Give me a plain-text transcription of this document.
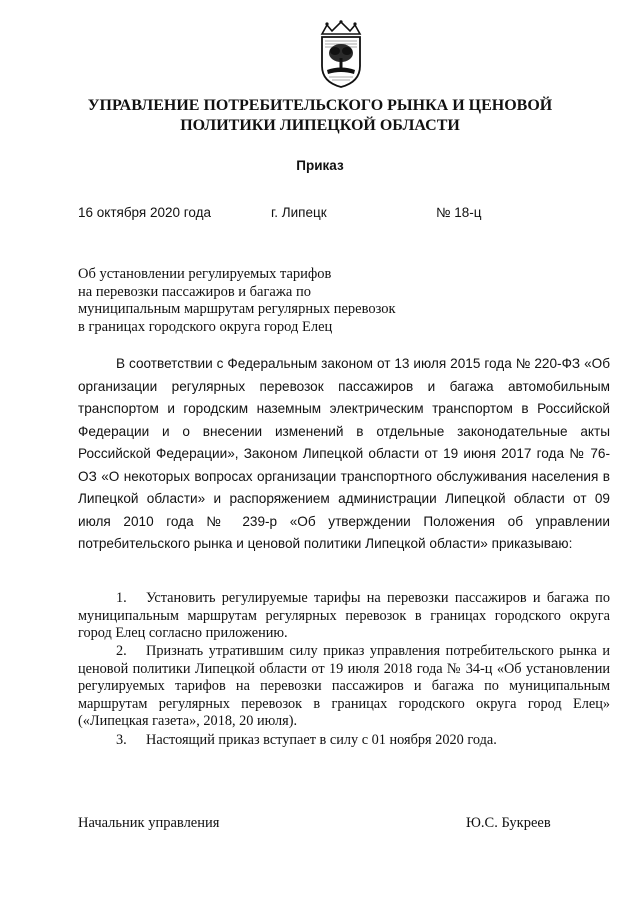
УПРАВЛЕНИЕ ПОТРЕБИТЕЛЬСКОГО РЫНКА И ЦЕНОВОЙ
ПОЛИТИКИ ЛИПЕЦКОЙ ОБЛАСТИ
Приказ
16 октября 2020 года	г. Липецк	№ 18-ц
Об установлении регулируемых тарифов
на перевозки пассажиров и багажа по
муниципальным маршрутам регулярных перевозок
в границах городского округа город Елец

В соответствии с Федеральным законом от 13 июля 2015 года № 220-ФЗ «Об организации регулярных перевозок пассажиров и багажа автомобильным транспортом и городским наземным электрическим транспортом в Российской Федерации и о внесении изменений в отдельные законодательные акты Российской Федерации», Законом Липецкой области от 19 июня 2017 года № 76-ОЗ «О некоторых вопросах организации транспортного обслуживания населения в Липецкой области» и распоряжением администрации Липецкой области от 09 июля 2010 года № 239-р «Об утверждении Положения об управлении потребительского рынка и ценовой политики Липецкой области» приказываю:

1. Установить регулируемые тарифы на перевозки пассажиров и багажа по муниципальным маршрутам регулярных перевозок в границах городского округа город Елец согласно приложению.

2. Признать утратившим силу приказ управления потребительского рынка и ценовой политики Липецкой области от 19 июля 2018 года № 34-ц «Об установлении регулируемых тарифов на перевозки пассажиров и багажа по муниципальным маршрутам регулярных перевозок в границах городского округа город Елец» («Липецкая газета», 2018, 20 июля).

3. Настоящий приказ вступает в силу с 01 ноября 2020 года.

Начальник управления	Ю.С. Букреев
